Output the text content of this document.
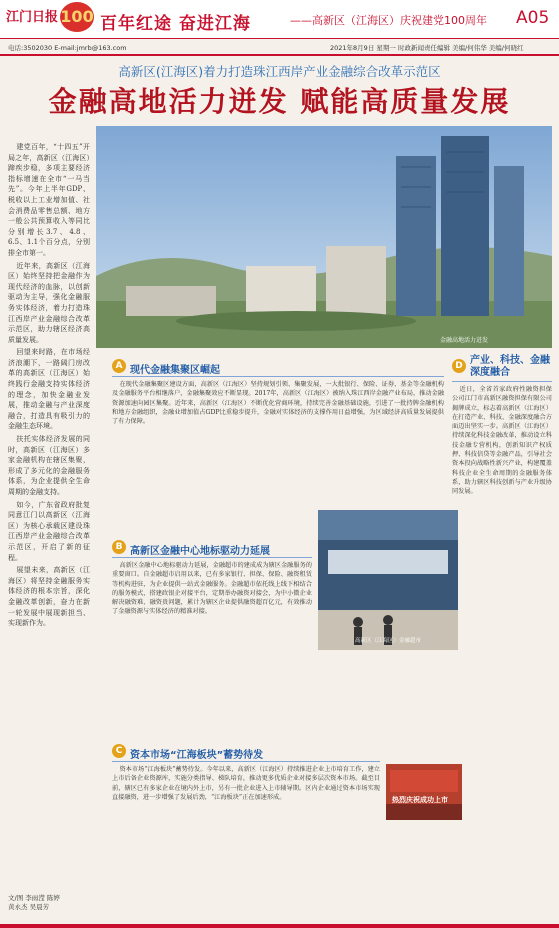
江门日报 100 百年红途 奋进江海	——高新区（江海区）庆祝建党100周年 A05
电话:3502030 E-mail:jmrb@163.com	2021年8月9日 星期一 时政新闻责任编辑 美编/何伟华 美编/何晓红
高新区(江海区)着力打造珠江西岸产业金融综合改革示范区
金融高地活力迸发 赋能高质量发展

建党百年，“十四五”开局之年，高新区（江海区）蹄疾步稳，多项主要经济指标增速在全市“一马当先”。今年上半年GDP、税收以上工业增加值、社会消费品零售总额、地方一般公共预算收入等同比分别增长3.7、4.8、6.5、1.1个百分点，分别排全市第一。

近年来，高新区（江海区）始终坚持把金融作为现代经济的血脉，以创新驱动为主导，强化金融服务实体经济，着力打造珠江西岸产业金融综合改革示范区，助力辖区经济高质量发展。

回望来时路，在市场经济浪潮下，一路阔门房改革的高新区（江海区）始终践行金融支持实体经济的理念，加快金融业发展，推动金融与产业深度融合，打造具有吸引力的金融生态环境。

扶托实体经济发展的同时，高新区（江海区）多家金融机构在辖区集聚，形成了多元化的金融服务体系，为企业提供全生命周期的金融支持。

如今，广东省政府批复同意江门以高新区（江海区）为核心承载区建设珠江西岸产业金融综合改革示范区，开启了新的征程。

展望未来，高新区（江海区）将坚持金融服务实体经济的根本宗旨，深化金融改革创新，奋力在新一轮发展中展现新担当、实现新作为。

文/图 李雨滢 陈婷
黄永杰 吴晨芳
金融高地活力迸发
A 现代金融集聚区崛起

在现代金融集聚区建设方面，高新区（江海区）坚持规划引领、集聚发展，一大批银行、保险、证券、基金等金融机构及金融服务平台相继落户，金融集聚效应不断显现。2017年，高新区（江海区）被纳入珠江西岸金融产业布局，推动金融资源加速向园区集聚。近年来，高新区（江海区）不断优化营商环境，持续完善金融基础设施，引进了一批持牌金融机构和地方金融组织，金融业增加值占GDP比重稳步提升，金融对实体经济的支撑作用日益增强，为区域经济高质量发展提供了有力保障。

D 产业、科技、金融深度融合

近日，全省首家政府性融资担保公司江门市高新区融资担保有限公司揭牌成立，标志着高新区（江海区）在打造产业、科技、金融深度融合方面迈出坚实一步。高新区（江海区）持续深化科技金融改革，推动设立科技金融专营机构，创新知识产权质押、科技信贷等金融产品，引导社会资本投向战略性新兴产业，构建覆盖科技企业全生命周期的金融服务体系，助力辖区科技创新与产业升级协同发展。

B 高新区金融中心地标驱动力延展

高新区金融中心地标驱动力延展，金融超市的建成成为辖区金融服务的重要窗口。自金融超市启用以来，已有多家银行、担保、保险、融资租赁等机构进驻，为企业提供一站式金融服务。金融超市依托线上线下相结合的服务模式，搭建政银企对接平台，定期举办融资对接会，为中小微企业解决融资难、融资贵问题，累计为辖区企业提供融资超百亿元，有效推动了金融资源与实体经济的精准对接。

高新区（江海区）金融超市
C 资本市场“江海板块”蓄势待发

资本市场“江海板块”蓄势待发。今年以来，高新区（江海区）持续推进企业上市培育工作，建立上市后备企业资源库，实施分类指导、梯队培育，推动更多优质企业对接多层次资本市场。截至目前，辖区已有多家企业在境内外上市，另有一批企业进入上市辅导期。区内企业通过资本市场实现直接融资，进一步增强了发展后劲，“江海板块”正在加速形成。	热烈庆祝成功上市
